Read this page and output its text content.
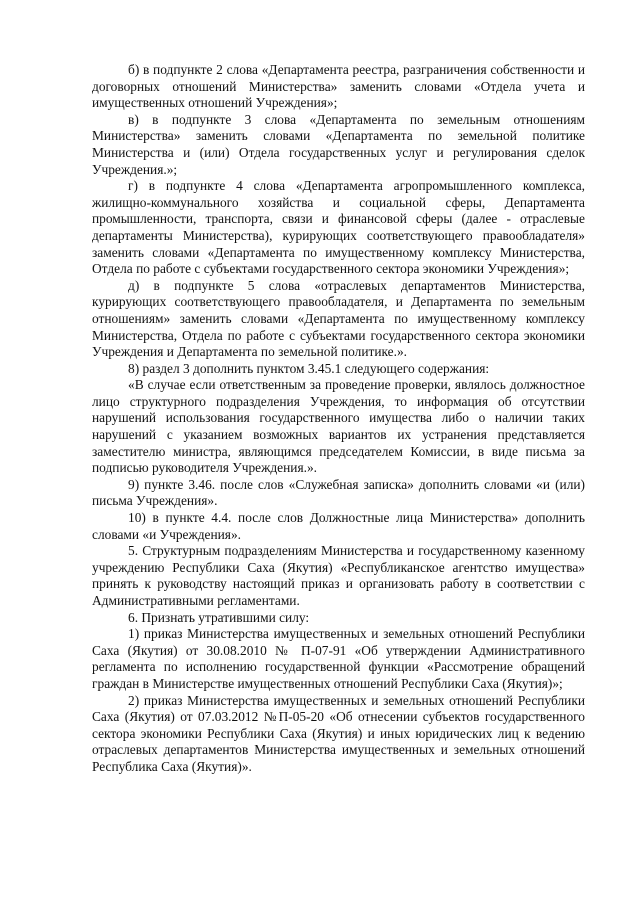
б) в подпункте 2 слова «Департамента реестра, разграничения собственности и договорных отношений Министерства» заменить словами «Отдела учета и имущественных отношений Учреждения»;

в) в подпункте 3 слова «Департамента по земельным отношениям Министерства» заменить словами «Департамента по земельной политике Министерства и (или) Отдела государственных услуг и регулирования сделок Учреждения.»;

г) в подпункте 4 слова «Департамента агропромышленного комплекса, жилищно-коммунального хозяйства и социальной сферы, Департамента промышленности, транспорта, связи и финансовой сферы (далее - отраслевые департаменты Министерства), курирующих соответствующего правообладателя» заменить словами «Департамента по имущественному комплексу Министерства, Отдела по работе с субъектами государственного сектора экономики Учреждения»;

д) в подпункте 5 слова «отраслевых департаментов Министерства, курирующих соответствующего правообладателя, и Департамента по земельным отношениям» заменить словами «Департамента по имущественному комплексу Министерства, Отдела по работе с субъектами государственного сектора экономики Учреждения и Департамента по земельной политике.».

8) раздел 3 дополнить пунктом 3.45.1 следующего содержания:

«В случае если ответственным за проведение проверки, являлось должностное лицо структурного подразделения Учреждения, то информация об отсутствии нарушений использования государственного имущества либо о наличии таких нарушений с указанием возможных вариантов их устранения представляется заместителю министра, являющимся председателем Комиссии, в виде письма за подписью руководителя Учреждения.».

9) пункте 3.46. после слов «Служебная записка» дополнить словами «и (или) письма Учреждения».

10) в пункте 4.4. после слов Должностные лица Министерства» дополнить словами «и Учреждения».

5. Структурным подразделениям Министерства и государственному казенному учреждению Республики Саха (Якутия) «Республиканское агентство имущества» принять к руководству настоящий приказ и организовать работу в соответствии с Административными регламентами.

6. Признать утратившими силу:

1) приказ Министерства имущественных и земельных отношений Республики Саха (Якутия) от 30.08.2010 № П-07-91 «Об утверждении Административного регламента по исполнению государственной функции «Рассмотрение обращений граждан в Министерстве имущественных отношений Республики Саха (Якутия)»;

2) приказ Министерства имущественных и земельных отношений Республики Саха (Якутия) от 07.03.2012 №П-05-20 «Об отнесении субъектов государственного сектора экономики Республики Саха (Якутия) и иных юридических лиц к ведению отраслевых департаментов Министерства имущественных и земельных отношений Республика Саха (Якутия)».
